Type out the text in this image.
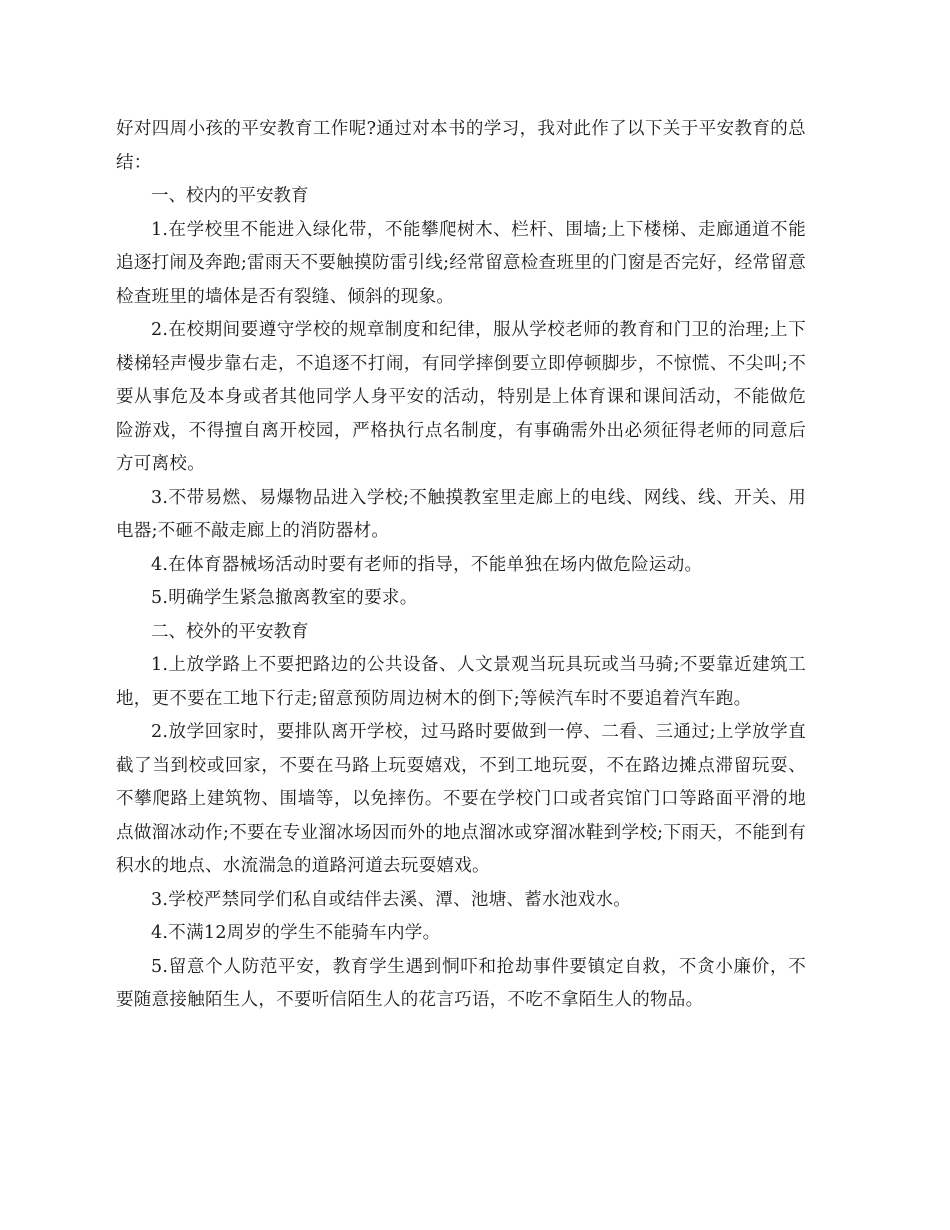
好对四周小孩的平安教育工作呢?通过对本书的学习，我对此作了以下关于平安教育的总结：

一、校内的平安教育

1.在学校里不能进入绿化带，不能攀爬树木、栏杆、围墙;上下楼梯、走廊通道不能追逐打闹及奔跑;雷雨天不要触摸防雷引线;经常留意检查班里的门窗是否完好，经常留意检查班里的墙体是否有裂缝、倾斜的现象。

2.在校期间要遵守学校的规章制度和纪律，服从学校老师的教育和门卫的治理;上下楼梯轻声慢步靠右走，不追逐不打闹，有同学摔倒要立即停顿脚步，不惊慌、不尖叫;不要从事危及本身或者其他同学人身平安的活动，特别是上体育课和课间活动，不能做危险游戏，不得擅自离开校园，严格执行点名制度，有事确需外出必须征得老师的同意后方可离校。

3.不带易燃、易爆物品进入学校;不触摸教室里走廊上的电线、网线、线、开关、用电器;不砸不敲走廊上的消防器材。

4.在体育器械场活动时要有老师的指导，不能单独在场内做危险运动。

5.明确学生紧急撤离教室的要求。

二、校外的平安教育

1.上放学路上不要把路边的公共设备、人文景观当玩具玩或当马骑;不要靠近建筑工地，更不要在工地下行走;留意预防周边树木的倒下;等候汽车时不要追着汽车跑。

2.放学回家时，要排队离开学校，过马路时要做到一停、二看、三通过;上学放学直截了当到校或回家，不要在马路上玩耍嬉戏，不到工地玩耍，不在路边摊点滞留玩耍、不攀爬路上建筑物、围墙等，以免摔伤。不要在学校门口或者宾馆门口等路面平滑的地点做溜冰动作;不要在专业溜冰场因而外的地点溜冰或穿溜冰鞋到学校;下雨天，不能到有积水的地点、水流湍急的道路河道去玩耍嬉戏。

3.学校严禁同学们私自或结伴去溪、潭、池塘、蓄水池戏水。

4.不满12周岁的学生不能骑车内学。

5.留意个人防范平安，教育学生遇到恫吓和抢劫事件要镇定自救，不贪小廉价，不要随意接触陌生人，不要听信陌生人的花言巧语，不吃不拿陌生人的物品。
